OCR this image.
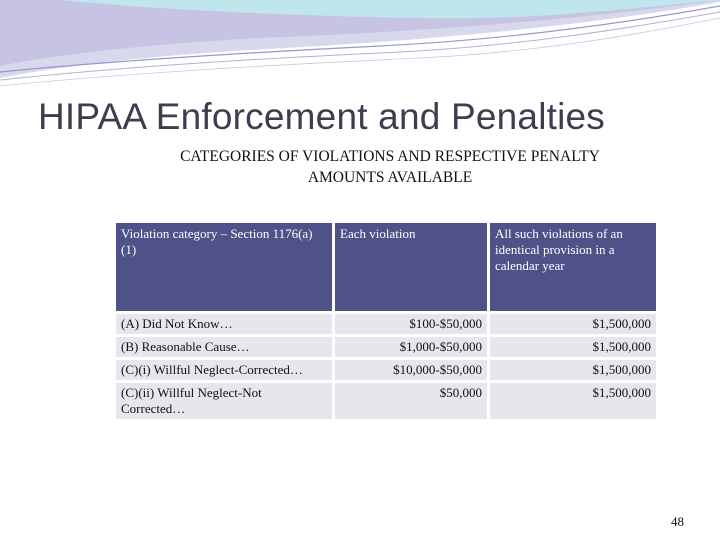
HIPAA Enforcement and Penalties
CATEGORIES OF VIOLATIONS AND RESPECTIVE PENALTY
AMOUNTS AVAILABLE
Violation category – Section 1176(a)(1)	Each violation	All such violations of an identical provision in a calendar year
(A) Did Not Know…	$100-$50,000	$1,500,000
(B) Reasonable Cause…	$1,000-$50,000	$1,500,000
(C)(i) Willful Neglect-Corrected…	$10,000-$50,000	$1,500,000
(C)(ii) Willful Neglect-Not Corrected…	$50,000	$1,500,000
48
